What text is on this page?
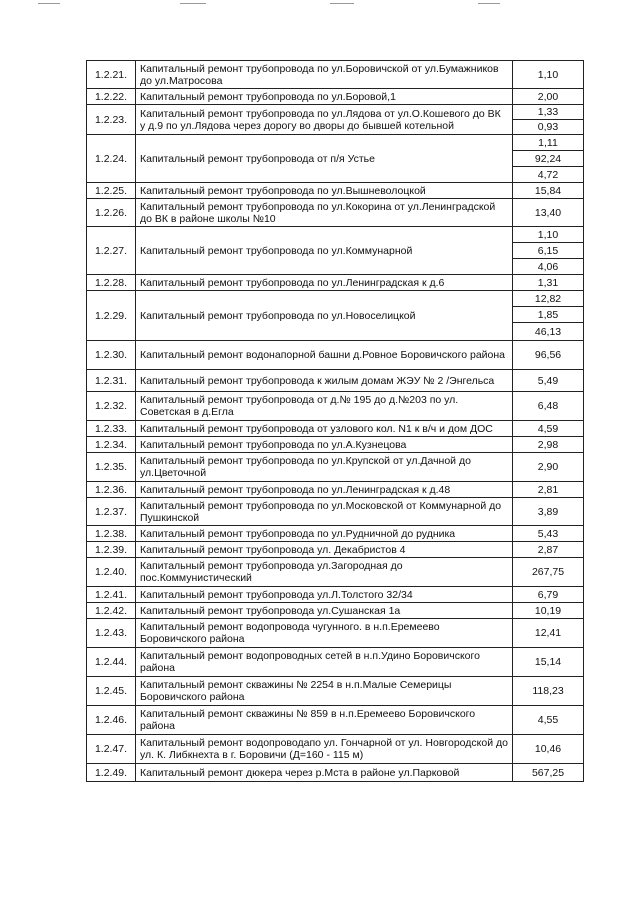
1.2.21.	Капитальный ремонт трубопровода по ул.Боровичской от ул.Бумажников до ул.Матросова	1,10
1.2.22.	Капитальный ремонт трубопровода по ул.Боровой,1	2,00
1.2.23.	Капитальный ремонт трубопровода по ул.Лядова от ул.О.Кошевого до ВК у д.9 по ул.Лядова через дорогу во дворы до бывшей котельной	1,33
		0,93
1.2.24.	Капитальный ремонт трубопровода от п/я Устье	1,11
		92,24
		4,72
1.2.25.	Капитальный ремонт трубопровода по ул.Вышневолоцкой	15,84
1.2.26.	Капитальный ремонт трубопровода по ул.Кокорина от ул.Ленинградской до ВК в районе школы №10	13,40
1.2.27.	Капитальный ремонт трубопровода по ул.Коммунарной	1,10
		6,15
		4,06
1.2.28.	Капитальный ремонт трубопровода по ул.Ленинградская к д.6	1,31
1.2.29.	Капитальный ремонт трубопровода по ул.Новоселицкой	12,82
		1,85
		46,13
1.2.30.	Капитальный ремонт водонапорной башни д.Ровное Боровичского района	96,56
1.2.31.	Капитальный ремонт трубопровода к жилым домам ЖЭУ № 2 /Энгельса	5,49
1.2.32.	Капитальный ремонт трубопровода от д.№ 195 до д.№203 по ул. Советская в д.Егла	6,48
1.2.33.	Капитальный ремонт трубопровода от узлового кол. N1 к в/ч и дом ДОС	4,59
1.2.34.	Капитальный ремонт трубопровода по ул.А.Кузнецова	2,98
1.2.35.	Капитальный ремонт трубопровода по ул.Крупской от ул.Дачной до ул.Цветочной	2,90
1.2.36.	Капитальный ремонт трубопровода по ул.Ленинградская к д.48	2,81
1.2.37.	Капитальный ремонт трубопровода по ул.Московской от Коммунарной до Пушкинской	3,89
1.2.38.	Капитальный ремонт трубопровода по ул.Рудничной до рудника	5,43
1.2.39.	Капитальный ремонт трубопровода ул. Декабристов 4	2,87
1.2.40.	Капитальный ремонт трубопровода ул.Загородная до пос.Коммунистический	267,75
1.2.41.	Капитальный ремонт трубопровода ул.Л.Толстого 32/34	6,79
1.2.42.	Капитальный ремонт трубопровода ул.Сушанская 1а	10,19
1.2.43.	Капитальный ремонт водопровода чугунного. в н.п.Еремеево Боровичского района	12,41
1.2.44.	Капитальный ремонт водопроводных сетей в н.п.Удино Боровичского района	15,14
1.2.45.	Капитальный ремонт скважины № 2254 в н.п.Малые Семерицы Боровичского района	118,23
1.2.46.	Капитальный ремонт скважины № 859 в н.п.Еремеево Боровичского района	4,55
1.2.47.	Капитальный ремонт водопроводапо ул. Гончарной от ул. Новгородской до ул. К. Либкнехта в г. Боровичи (Д=160 - 115 м)	10,46
1.2.49.	Капитальный ремонт дюкера через р.Мста в районе ул.Парковой	567,25
